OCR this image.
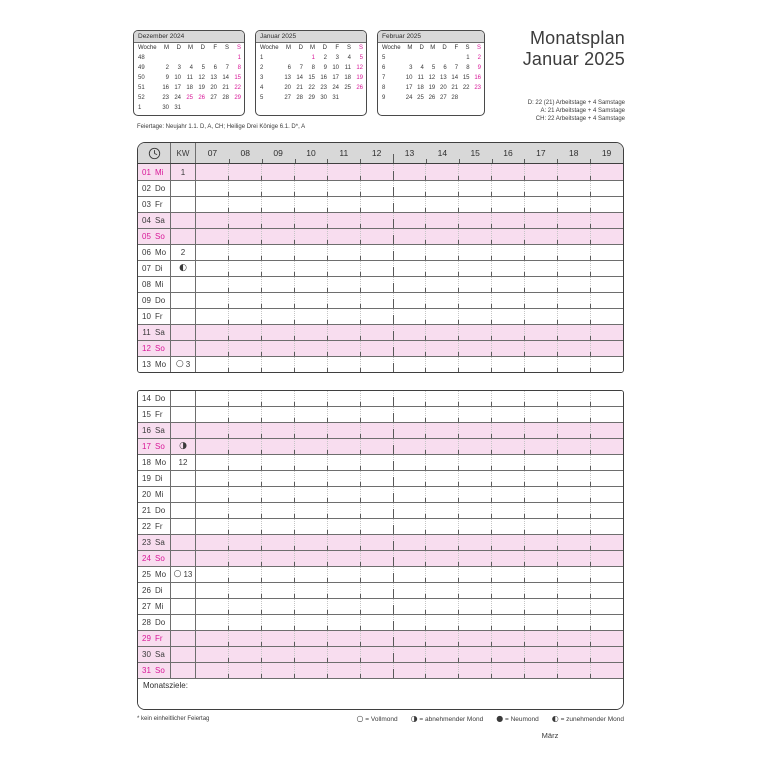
Dezember 2024
Woche	M	D	M	D	F	S	S
48							1
49	2	3	4	5	6	7	8
50	9	10	11	12	13	14	15
51	16	17	18	19	20	21	22
52	23	24	25	26	27	28	29
1	30	31					
Januar 2025
Woche	M	D	M	D	F	S	S
1			1	2	3	4	5
2	6	7	8	9	10	11	12
3	13	14	15	16	17	18	19
4	20	21	22	23	24	25	26
5	27	28	29	30	31		
Februar 2025
Woche	M	D	M	D	F	S	S
5						1	2
6	3	4	5	6	7	8	9
7	10	11	12	13	14	15	16
8	17	18	19	20	21	22	23
9	24	25	26	27	28		
Monatsplan
Januar 2025
D: 22 (21) Arbeitstage + 4 Samstage
A: 21 Arbeitstage + 4 Samstage
CH: 22 Arbeitstage + 4 Samstage
Feiertage: Neujahr 1.1. D, A, CH; Heilige Drei Könige 6.1. D*, A
KW	07	08	09	10	11	12	13	14	15	16	17	18	19
01 Mi 1
02 Do
03 Fr
04 Sa
05 So
06 Mo 2
07 Di ◐
08 Mi
09 Do
10 Fr
11 Sa
12 So
13 Mo ○ 3
14 Do
15 Fr
16 Sa
17 So ◑
18 Mo 12
19 Di
20 Mi
21 Do
22 Fr
23 Sa
24 So
25 Mo ○ 13
26 Di
27 Mi
28 Do
29 Fr
30 Sa
31 So
Monatsziele:
○ = Vollmond ◑ = abnehmender Mond ● = Neumond ◐ = zunehmender Mond
* kein einheitlicher Feiertag
März
